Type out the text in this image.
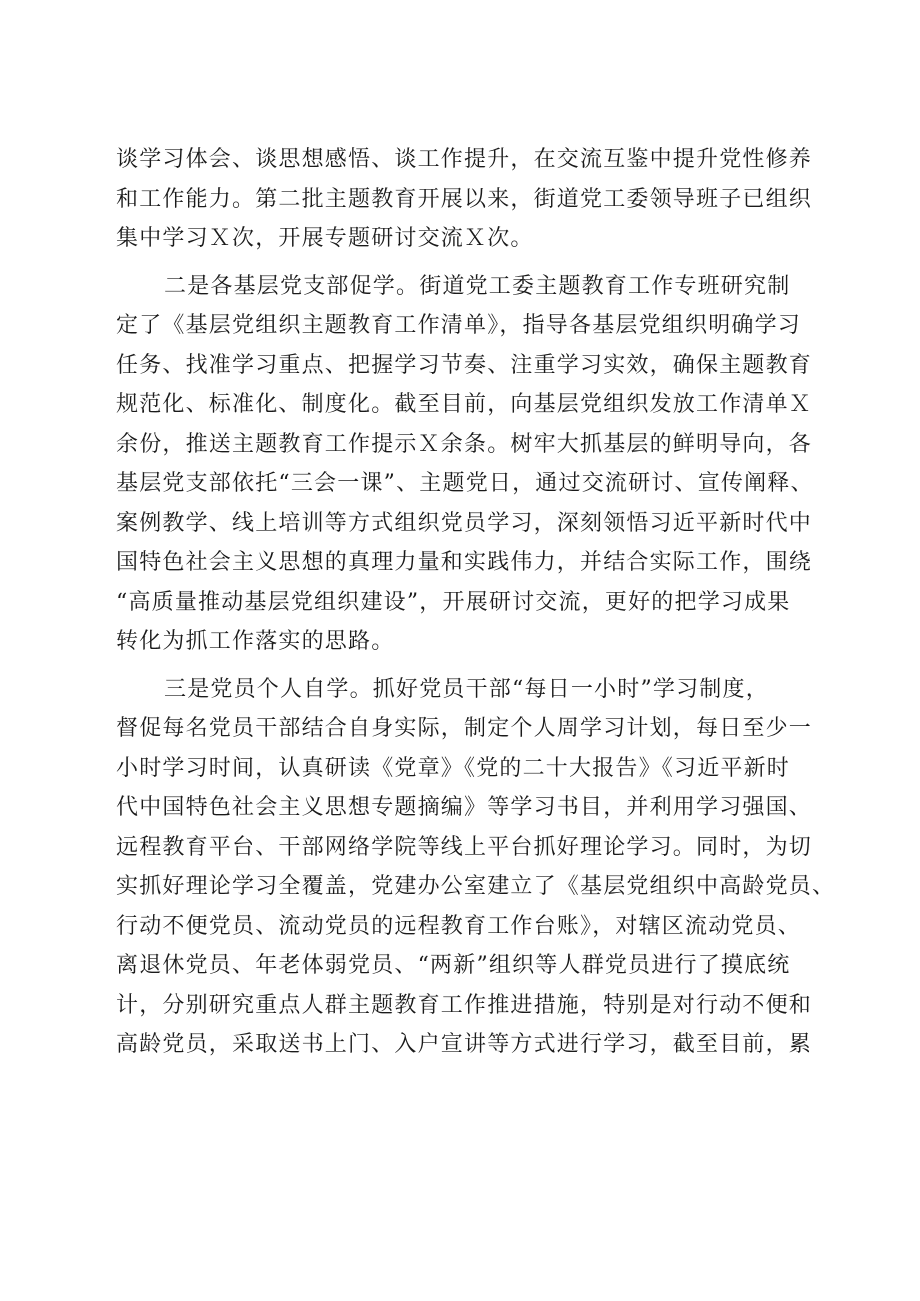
谈学习体会、谈思想感悟、谈工作提升，在交流互鉴中提升党性修养
和工作能力。第二批主题教育开展以来，街道党工委领导班子已组织
集中学习Ｘ次，开展专题研讨交流Ｘ次。
二是各基层党支部促学。街道党工委主题教育工作专班研究制
定了《基层党组织主题教育工作清单》，指导各基层党组织明确学习
任务、找准学习重点、把握学习节奏、注重学习实效，确保主题教育
规范化、标准化、制度化。截至目前，向基层党组织发放工作清单Ｘ
余份，推送主题教育工作提示Ｘ余条。树牢大抓基层的鲜明导向，各
基层党支部依托“三会一课”、主题党日，通过交流研讨、宣传阐释、
案例教学、线上培训等方式组织党员学习，深刻领悟习近平新时代中
国特色社会主义思想的真理力量和实践伟力，并结合实际工作，围绕
“高质量推动基层党组织建设”，开展研讨交流，更好的把学习成果
转化为抓工作落实的思路。
三是党员个人自学。抓好党员干部“每日一小时”学习制度，
督促每名党员干部结合自身实际，制定个人周学习计划，每日至少一
小时学习时间，认真研读《党章》《党的二十大报告》《习近平新时
代中国特色社会主义思想专题摘编》等学习书目，并利用学习强国、
远程教育平台、干部网络学院等线上平台抓好理论学习。同时，为切
实抓好理论学习全覆盖，党建办公室建立了《基层党组织中高龄党员、
行动不便党员、流动党员的远程教育工作台账》，对辖区流动党员、
离退休党员、年老体弱党员、“两新”组织等人群党员进行了摸底统
计，分别研究重点人群主题教育工作推进措施，特别是对行动不便和
高龄党员，采取送书上门、入户宣讲等方式进行学习，截至目前，累
